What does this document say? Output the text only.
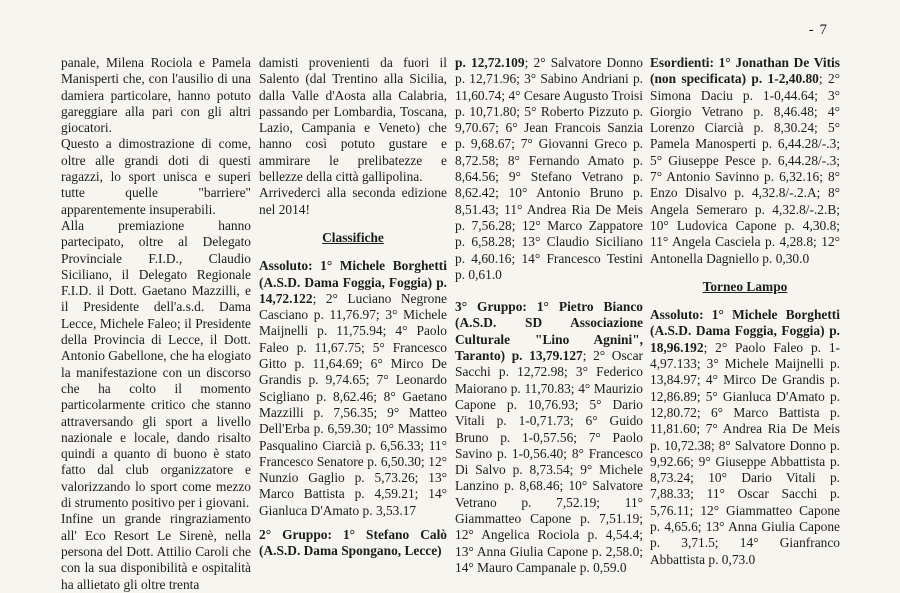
- 7

panale, Milena Rociola e Pamela Manisperti che, con l'ausilio di una damiera particolare, hanno potuto gareggiare alla pari con gli altri giocatori.

Questo a dimostrazione di come, oltre alle grandi doti di questi ragazzi, lo sport unisca e superi tutte quelle "barriere" apparentemente insuperabili.

Alla premiazione hanno partecipato, oltre al Delegato Provinciale F.I.D., Claudio Siciliano, il Delegato Regionale F.I.D. il Dott. Gaetano Mazzilli, e il Presidente dell'a.s.d. Dama Lecce, Michele Faleo; il Presidente della Provincia di Lecce, il Dott. Antonio Gabellone, che ha elogiato la manifestazione con un discorso che ha colto il momento particolarmente critico che stanno attraversando gli sport a livello nazionale e locale, dando risalto quindi a quanto di buono è stato fatto dal club organizzatore e valorizzando lo sport come mezzo di strumento positivo per i giovani.

Infine un grande ringraziamento all' Eco Resort Le Sirenè, nella persona del Dott. Attilio Caroli che con la sua disponibilità e ospitalità ha allietato gli oltre trenta

damisti provenienti da fuori il Salento (dal Trentino alla Sicilia, dalla Valle d'Aosta alla Calabria, passando per Lombardia, Toscana, Lazio, Campania e Veneto) che hanno così potuto gustare e ammirare le prelibatezze e bellezze della città gallipolina.

Arrivederci alla seconda edizione nel 2014!

Classifiche

Assoluto: 1° Michele Borghetti (A.S.D. Dama Foggia, Foggia) p. 14,72.122; 2° Luciano Negrone Casciano p. 11,76.97; 3° Michele Maijnelli p. 11,75.94; 4° Paolo Faleo p. 11,67.75; 5° Francesco Gitto p. 11,64.69; 6° Mirco De Grandis p. 9,74.65; 7° Leonardo Scigliano p. 8,62.46; 8° Gaetano Mazzilli p. 7,56.35; 9° Matteo Dell'Erba p. 6,59.30; 10° Massimo Pasqualino Ciarcià p. 6,56.33; 11° Francesco Senatore p. 6,50.30; 12° Nunzio Gaglio p. 5,73.26; 13° Marco Battista p. 4,59.21; 14° Gianluca D'Amato p. 3,53.17

2° Gruppo: 1° Stefano Calò (A.S.D. Dama Spongano, Lecce)

p. 12,72.109; 2° Salvatore Donno p. 12,71.96; 3° Sabino Andriani p. 11,60.74; 4° Cesare Augusto Troisi p. 10,71.80; 5° Roberto Pizzuto p. 9,70.67; 6° Jean Francois Sanzia p. 9,68.67; 7° Giovanni Greco p. 8,72.58; 8° Fernando Amato p. 8,64.56; 9° Stefano Vetrano p. 8,62.42; 10° Antonio Bruno p. 8,51.43; 11° Andrea Ria De Meis p. 7,56.28; 12° Marco Zappatore p. 6,58.28; 13° Claudio Siciliano p. 4,60.16; 14° Francesco Testini p. 0,61.0

3° Gruppo: 1° Pietro Bianco (A.S.D. SD Associazione Culturale "Lino Agnini", Taranto) p. 13,79.127; 2° Oscar Sacchi p. 12,72.98; 3° Federico Maiorano p. 11,70.83; 4° Maurizio Capone p. 10,76.93; 5° Dario Vitali p. 1-0,71.73; 6° Guido Bruno p. 1-0,57.56; 7° Paolo Savino p. 1-0,56.40; 8° Francesco Di Salvo p. 8,73.54; 9° Michele Lanzino p. 8,68.46; 10° Salvatore Vetrano p. 7,52.19; 11° Giammatteo Capone p. 7,51.19; 12° Angelica Rociola p. 4,54.4; 13° Anna Giulia Capone p. 2,58.0; 14° Mauro Campanale p. 0,59.0

Esordienti: 1° Jonathan De Vitis (non specificata) p. 1-2,40.80; 2° Simona Daciu p. 1-0,44.64; 3° Giorgio Vetrano p. 8,46.48; 4° Lorenzo Ciarcià p. 8,30.24; 5° Pamela Manosperti p. 6,44.28/-.3; 5° Giuseppe Pesce p. 6,44.28/-.3; 7° Antonio Savinno p. 6,32.16; 8° Enzo Disalvo p. 4,32.8/-.2.A; 8° Angela Semeraro p. 4,32.8/-.2.B; 10° Ludovica Capone p. 4,30.8; 11° Angela Casciela p. 4,28.8; 12° Antonella Dagniello p. 0,30.0

Torneo Lampo

Assoluto: 1° Michele Borghetti (A.S.D. Dama Foggia, Foggia) p. 18,96.192; 2° Paolo Faleo p. 1-4,97.133; 3° Michele Maijnelli p. 13,84.97; 4° Mirco De Grandis p. 12,86.89; 5° Gianluca D'Amato p. 12,80.72; 6° Marco Battista p. 11,81.60; 7° Andrea Ria De Meis p. 10,72.38; 8° Salvatore Donno p. 9,92.66; 9° Giuseppe Abbattista p. 8,73.24; 10° Dario Vitali p. 7,88.33; 11° Oscar Sacchi p. 5,76.11; 12° Giammatteo Capone p. 4,65.6; 13° Anna Giulia Capone p. 3,71.5; 14° Gianfranco Abbattista p. 0,73.0
